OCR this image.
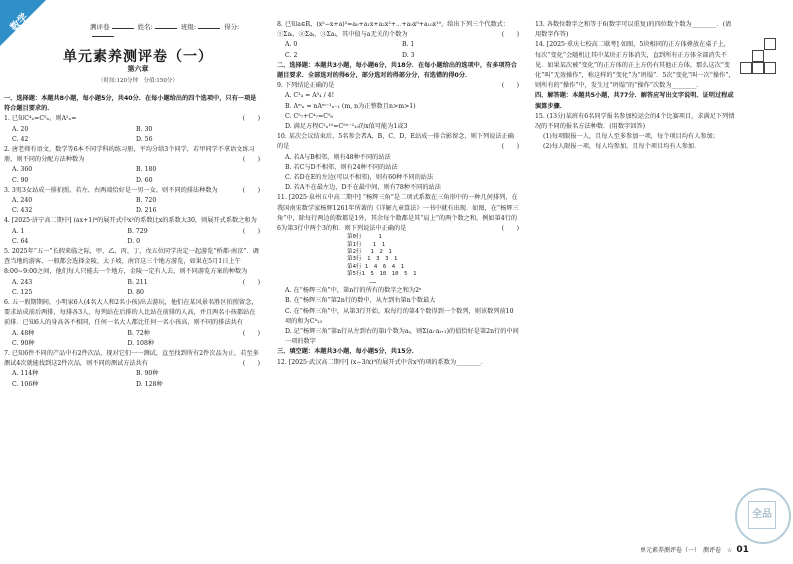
数学	测评卷	姓名:	班级:	得分:
单元素养测评卷（一）
第六章
（时间:120分钟　分值:150分）
一、选择题：本题共8小题，每小题5分，共40分．在每小题给出的四个选项中，只有一项是符合题目要求的．
1. 已知C⁴ₙ=C⁵ₙ，则A²ₙ=	(　　)
A. 20	B. 30
C. 42	D. 56
2. 唐老师有语文、数学等6本不同学科的练习册，平均分给3个同学，若甲同学不拿语文练习册，则不同的分配方法种数为	(　　)
A. 360	B. 180
C. 90	D. 60
3. 3男3女站成一排拍照，若左、右两端恰好是一男一女，则不同的排法种数为	(　　)
A. 240	B. 720
C. 432	D. 216
4. [2025·济宁高二期中] (ax+1)⁶的展开式中x²的系数比x的系数大30，则展开式系数之和为
(　　)
A. 1	B. 729
C. 64	D. 0
5. 2025年“五一”长假来临之际，甲、乙、丙、丁、戊五位同学决定一起游览“桥都·南京”．调查当地的游客，一般都会选择金陵、太子坡、南宫这三个地方游览，如果在5月1日上午8:00~9:00之间，他们每人只能去一个地方，金陵一定有人去，则不同游览方案的种数为
(　　)
A. 243	B. 211
C. 125	D. 80
6. 五一假期期间，小明家6人(4名大人和2名小孩)出去游玩，他们在某风景名胜区拍照留念，要求站成前后两排，每排各3人，每列站在后排的人比站在前排的人高，并且两名小孩都站在前排．已知6人的身高各不相同，任何一名大人都比任何一名小孩高，则不同的排法共有
(　　)
A. 48种	B. 72种
C. 90种	D. 108种
7. 已知6件不同的产品中有2件次品，现对它们一一测试，直至找到所有2件次品为止，若至多测试4次就能找到这2件次品，则不同的测试方法共有	(　　)
A. 114种	B. 90种
C. 106种	D. 128种
8. 已知a∈R，(x²−x+a)⁵=a₀+a₁x+a₂x²+⋯+a₉x⁹+a₁₀x¹⁰，给出下列三个代数式：①Σaᵢ，②Σaᵢ，③Σaᵢ，其中值与a无关的个数为	(　　)
A. 0	B. 1
C. 2	D. 3
二、选择题：本题共3小题，每小题6分，共18分．在每小题给出的选项中，有多项符合题目要求．全部选对的得6分，部分选对的得部分分，有选错的得0分．
9. 下列结论正确的是	(　　)
A. C³₄ = A³₄ / 4!
B. Aᵐₙ = nAᵐ⁻¹ₙ₋₁ (m, n为正整数且n>m>1)
C. C⁵₇+C⁴₇=C⁵₈
D. 满足方程C²ₓ¹⁰=C⁵ˣ⁻²₁₀的x值可能为1或3
10. 某次会议结束后，5名参会者A，B，C，D，E站成一排合影留念，则下列说法正确的是	(　　)
A. 若A与B相邻，则有48种不同的站法
B. 若C与D不相邻，则有24种不同的站法
C. 若D在E的左边(可以不相邻)，则有60种不同的站法
D. 若A不在最左边，D不在最中间，则有78种不同的站法
11. [2025·泉州五中高二期中] “杨辉三角”是二项式系数在三角形中的一种几何排列，在我国南宋数学家杨辉1261年所著的《详解九章算法》一书中就有出现．如图，在“杨辉三角”中，除每行两边的数都是1外，其余每个数都是其“肩上”的两个数之和，例如第4行的6为第3行中两个3的和．则下列说法中正确的是	(　　)
第0行　　　1
第1行　　1　1
第2行　 1　2　1
第3行　1　3　3　1
第4行 1　4　6　4　1
第5行1　5　10　10　5　1
　　　　……
A. 在“杨辉三角”中，第n行的所有的数字之和为2ⁿ
B. 在“杨辉三角”第2n行的数中，从左到右第n个数最大
C. 在“杨辉三角”中，从第3行开始，取每行的第4个数得到一个数列，则该数列前10项的和为C⁴₁₃
D. 记“杨辉三角”第n行从左到右的第i个数为aᵢ，则Σ(aᵢ·aᵢ₊₁)的值恰好是第2n行的中间一项的数字
三、填空题：本题共3小题，每小题5分，共15分．
12. [2025·武汉高二期中] (x−3/x)⁹的展开式中含x³的项的系数为________．
13. 各数位数字之和等于6(数字可以重复)的四位数个数为________．(请用数字作答)
14. [2025·重庆七校高二联考] 如图，5块相同的正方体叠放在桌子上，每次“变化”会随机让其中某块正方体消失，直到所有正方体全部消失不见．如果某次被“变化”的正方体的正上方仍有其他正方体，那么这次“变化”叫“无效操作”，称这样的“变化”为“坍塌”．5次“变化”叫一次“操作”，则所有的“操作”中，发生过“坍塌”的“操作”次数为________．
四、解答题：本题共5小题，共77分．解答应写出文字说明、证明过程或演算步骤．
15. (13分)某班有6名同学报名参加校运会的4个比赛项目，求满足下列情况的不同的报名方法种数．(用数字回答)
(1)每项限报一人，且每人至多参加一项，每个项目均有人参加；
(2)每人限报一项，每人均参加，且每个项目均有人参加．
全品
单元素养测评卷（一）　测评卷　☆ 01
